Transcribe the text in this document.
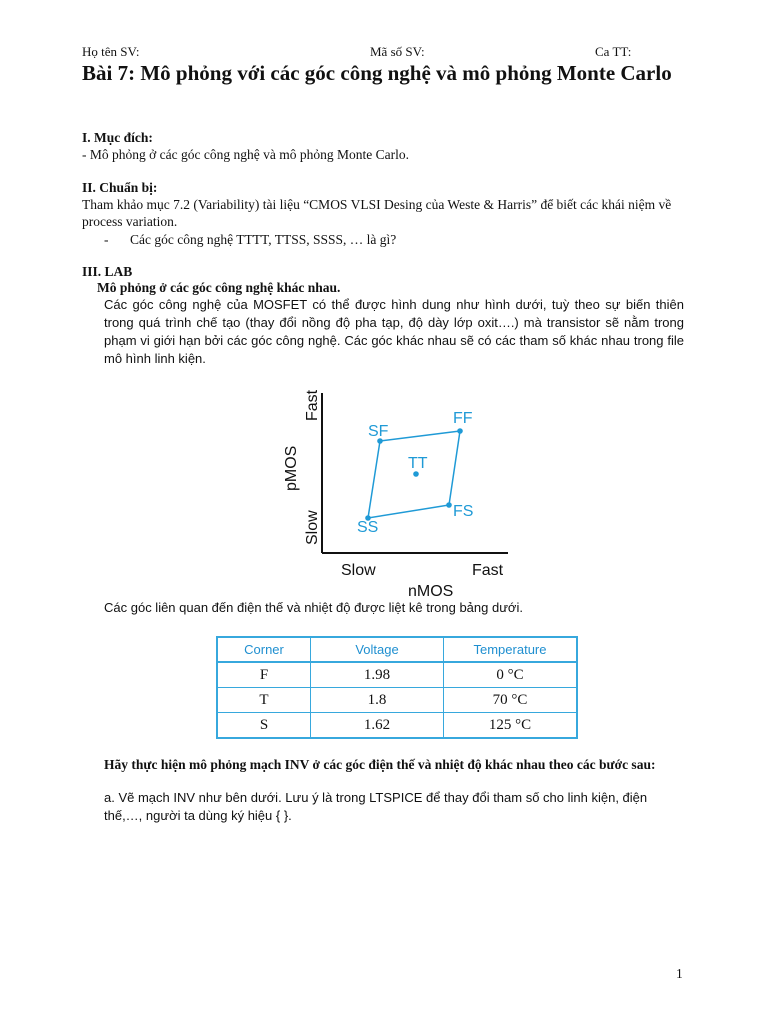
Họ tên SV:	Mã số SV:	Ca TT:
Bài 7: Mô phỏng với các góc công nghệ và mô phỏng Monte Carlo
I. Mục đích:
- Mô phỏng ở các góc công nghệ và mô phỏng Monte Carlo.
II. Chuẩn bị:
Tham khảo mục 7.2 (Variability) tài liệu “CMOS VLSI Desing của Weste & Harris” để biết các khái niệm về process variation.
- Các góc công nghệ TTTT, TTSS, SSSS, … là gì?
III. LAB
Mô phỏng ở các góc công nghệ khác nhau.
Các góc công nghệ của MOSFET có thể được hình dung như hình dưới, tuỳ theo sự biến thiên trong quá trình chế tạo (thay đổi nồng độ pha tạp, độ dày lớp oxit….) mà transistor sẽ nằm trong phạm vi giới hạn bởi các góc công nghệ. Các góc khác nhau sẽ có các tham số khác nhau trong file mô hình linh kiện.
SF
FF
TT
SS
FS
Fast
Slow
pMOS
Slow	Fast
nMOS
Các góc liên quan đến điện thế và nhiệt độ được liệt kê trong bảng dưới.
Corner	Voltage	Temperature
F	1.98	0 °C
T	1.8	70 °C
S	1.62	125 °C
Hãy thực hiện mô phỏng mạch INV ở các góc điện thế và nhiệt độ khác nhau theo các bước sau:
a. Vẽ mạch INV như bên dưới. Lưu ý là trong LTSPICE để thay đổi tham số cho linh kiện, điện thế,…, người ta dùng ký hiệu { }.
1
